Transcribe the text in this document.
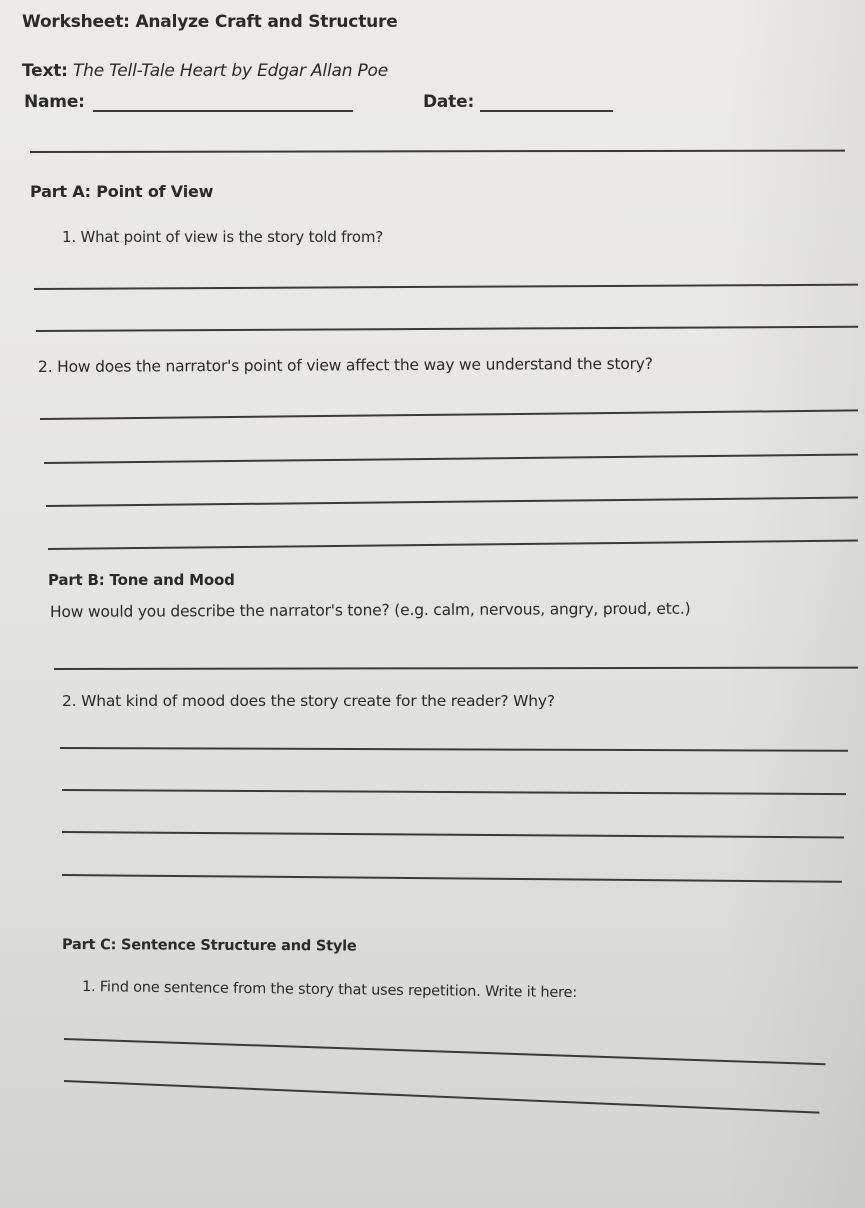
Worksheet: Analyze Craft and Structure
Text: The Tell-Tale Heart by Edgar Allan Poe
Name:	Date:
Part A: Point of View
1. What point of view is the story told from?
2. How does the narrator's point of view affect the way we understand the story?
Part B: Tone and Mood
How would you describe the narrator's tone? (e.g. calm, nervous, angry, proud, etc.)
2. What kind of mood does the story create for the reader? Why?
Part C: Sentence Structure and Style
1. Find one sentence from the story that uses repetition. Write it here:
